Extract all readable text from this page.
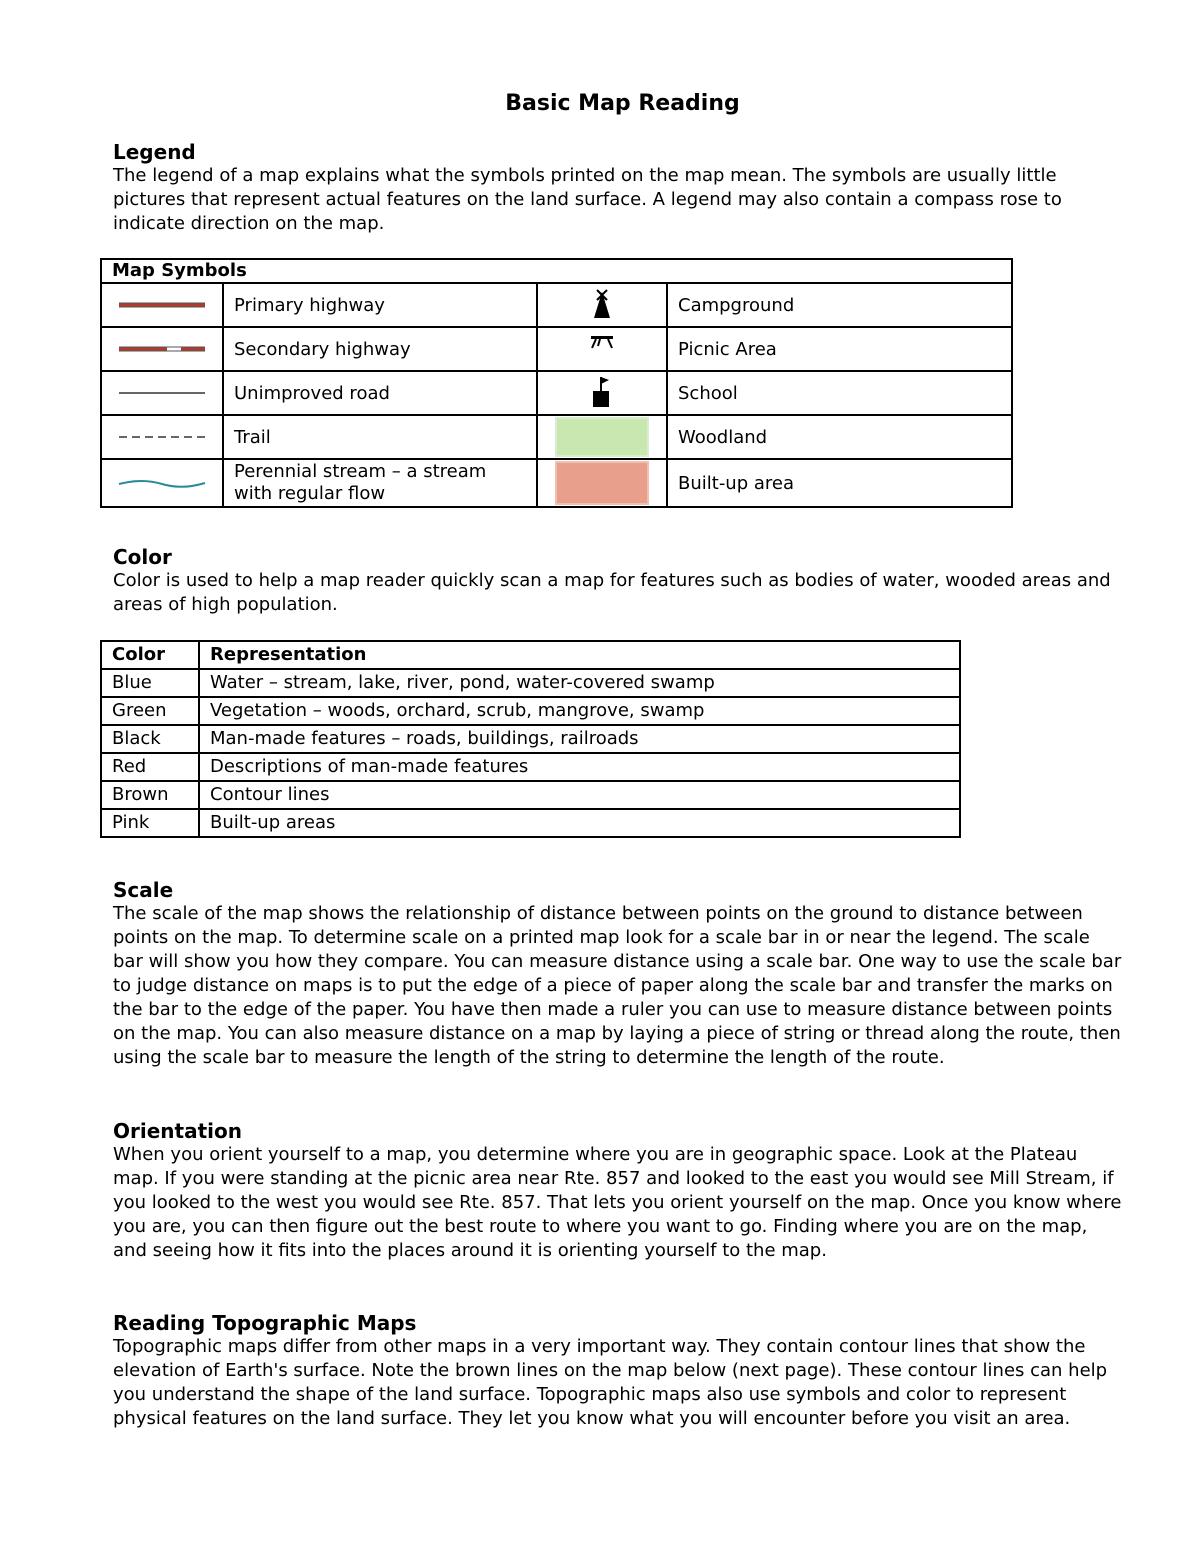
Basic Map Reading
Legend

The legend of a map explains what the symbols printed on the map mean. The symbols are usually little pictures that represent actual features on the land surface. A legend may also contain a compass rose to indicate direction on the map.

Map Symbols			

	Primary highway		Campground

	Secondary highway		Picnic Area

	Unimproved road		School

	Trail		Woodland

	Perennial stream – a stream with regular flow		Built-up area
Color

Color is used to help a map reader quickly scan a map for features such as bodies of water, wooded areas and areas of high population.

Color	Representation
Blue	Water – stream, lake, river, pond, water-covered swamp
Green	Vegetation – woods, orchard, scrub, mangrove, swamp
Black	Man-made features – roads, buildings, railroads
Red	Descriptions of man-made features
Brown	Contour lines
Pink	Built-up areas
Scale

The scale of the map shows the relationship of distance between points on the ground to distance between points on the map. To determine scale on a printed map look for a scale bar in or near the legend. The scale bar will show you how they compare. You can measure distance using a scale bar. One way to use the scale bar to judge distance on maps is to put the edge of a piece of paper along the scale bar and transfer the marks on the bar to the edge of the paper. You have then made a ruler you can use to measure distance between points on the map. You can also measure distance on a map by laying a piece of string or thread along the route, then using the scale bar to measure the length of the string to determine the length of the route.

Orientation

When you orient yourself to a map, you determine where you are in geographic space. Look at the Plateau map. If you were standing at the picnic area near Rte. 857 and looked to the east you would see Mill Stream, if you looked to the west you would see Rte. 857. That lets you orient yourself on the map. Once you know where you are, you can then figure out the best route to where you want to go. Finding where you are on the map, and seeing how it fits into the places around it is orienting yourself to the map.

Reading Topographic Maps

Topographic maps differ from other maps in a very important way. They contain contour lines that show the elevation of Earth's surface. Note the brown lines on the map below (next page). These contour lines can help you understand the shape of the land surface. Topographic maps also use symbols and color to represent physical features on the land surface. They let you know what you will encounter before you visit an area.
